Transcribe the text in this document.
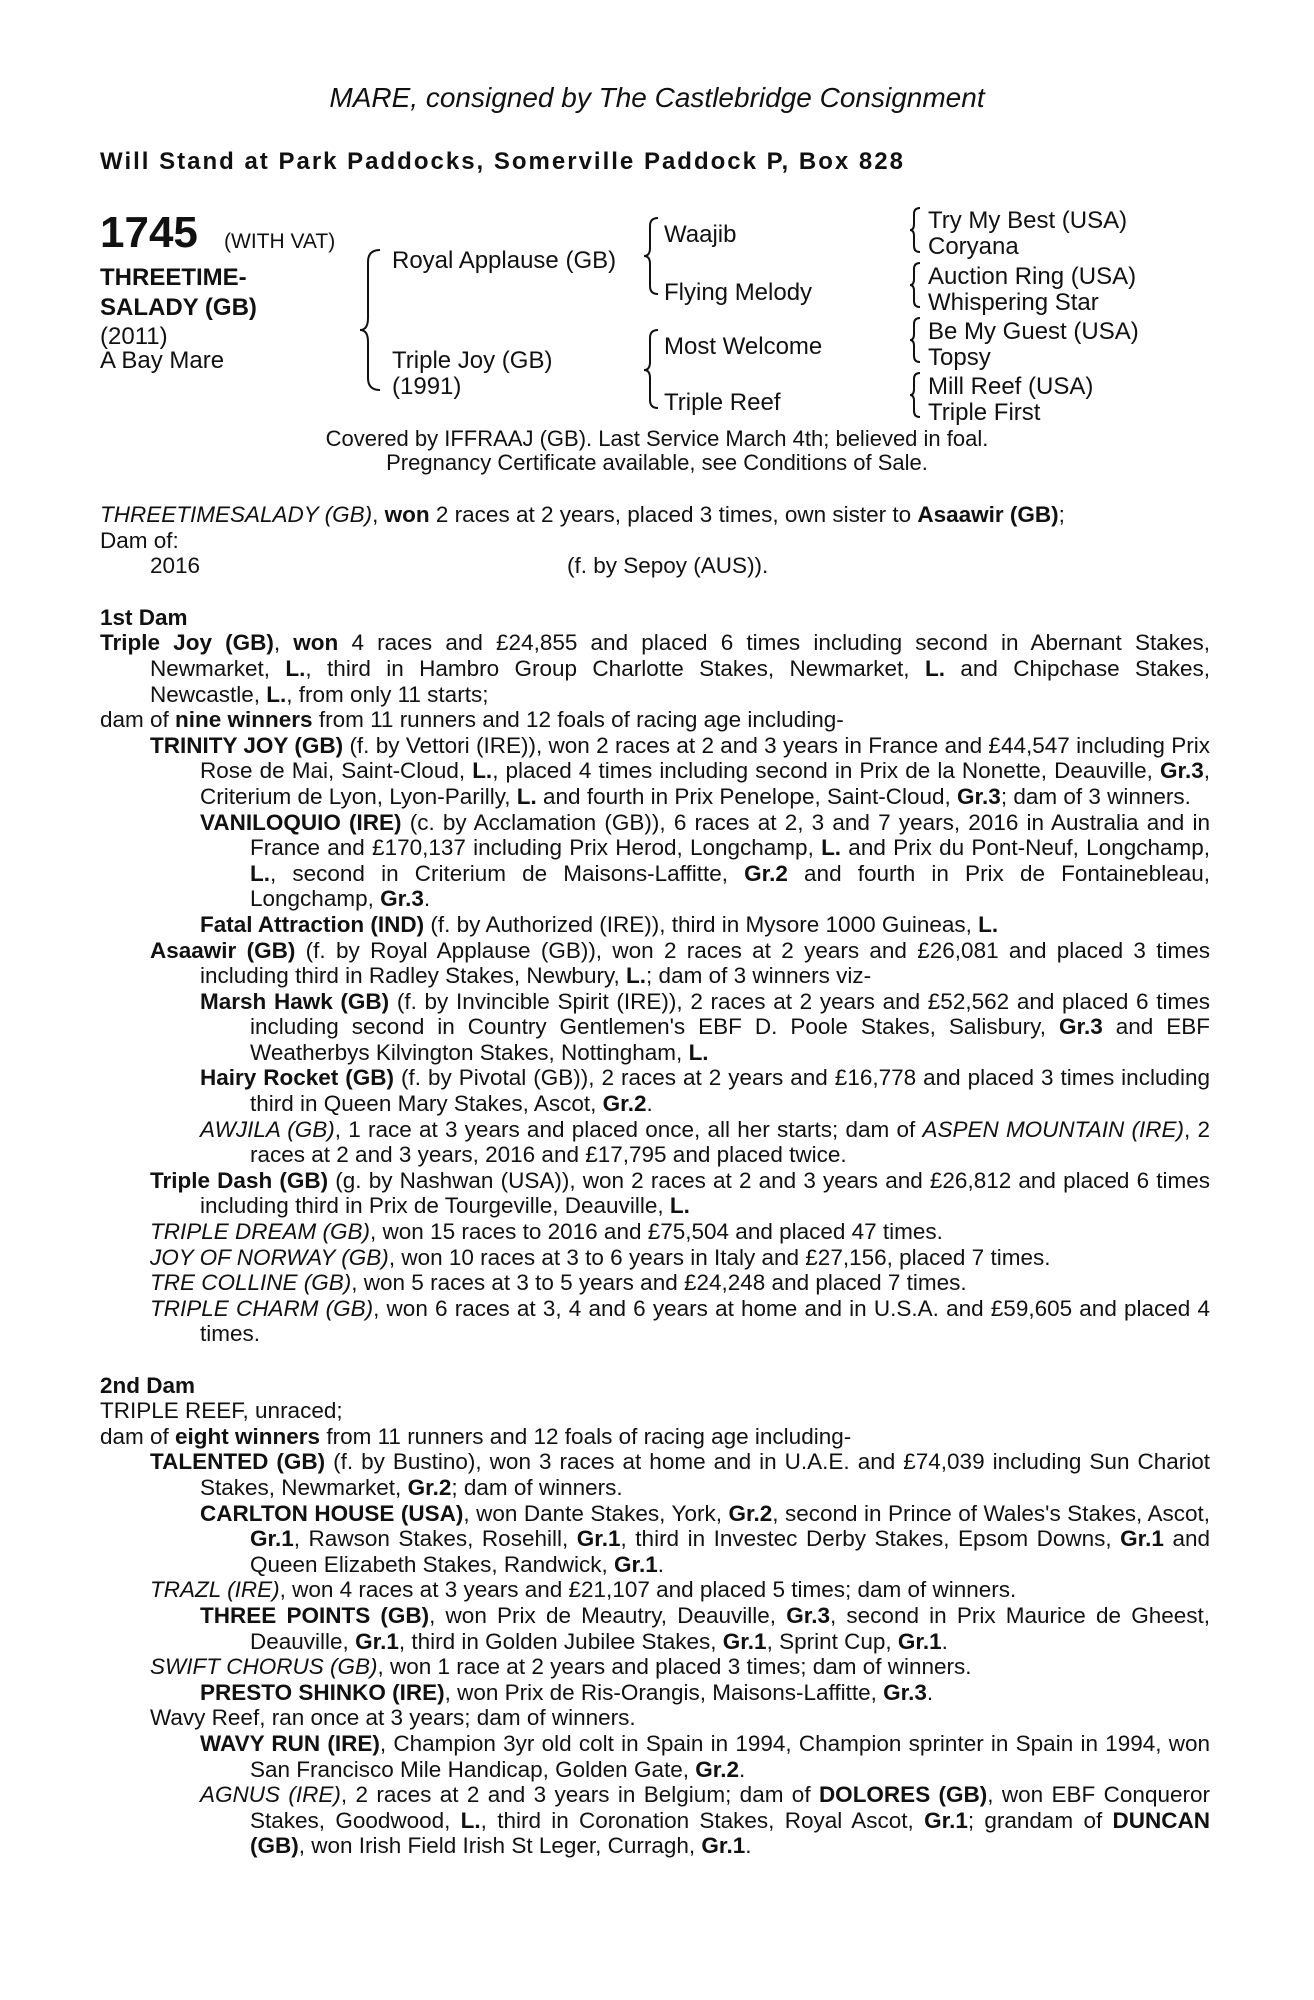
MARE, consigned by The Castlebridge Consignment
Will Stand at Park Paddocks, Somerville Paddock P, Box 828
1745 (WITH VAT)
THREETIME-
SALADY (GB)
(2011)
A Bay Mare
Royal Applause (GB)
Triple Joy (GB)
(1991)
Waajib
Flying Melody
Most Welcome
Triple Reef
Try My Best (USA)
Coryana
Auction Ring (USA)
Whispering Star
Be My Guest (USA)
Topsy
Mill Reef (USA)
Triple First
Covered by IFFRAAJ (GB). Last Service March 4th; believed in foal.
Pregnancy Certificate available, see Conditions of Sale.

THREETIMESALADY (GB), won 2 races at 2 years, placed 3 times, own sister to Asaawir (GB);

Dam of:

2016	(f. by Sepoy (AUS)).

1st Dam

Triple Joy (GB), won 4 races and £24,855 and placed 6 times including second in Abernant Stakes, Newmarket, L., third in Hambro Group Charlotte Stakes, Newmarket, L. and Chipchase Stakes, Newcastle, L., from only 11 starts;

dam of nine winners from 11 runners and 12 foals of racing age including-

TRINITY JOY (GB) (f. by Vettori (IRE)), won 2 races at 2 and 3 years in France and £44,547 including Prix Rose de Mai, Saint-Cloud, L., placed 4 times including second in Prix de la Nonette, Deauville, Gr.3, Criterium de Lyon, Lyon-Parilly, L. and fourth in Prix Penelope, Saint-Cloud, Gr.3; dam of 3 winners.

VANILOQUIO (IRE) (c. by Acclamation (GB)), 6 races at 2, 3 and 7 years, 2016 in Australia and in France and £170,137 including Prix Herod, Longchamp, L. and Prix du Pont-Neuf, Longchamp, L., second in Criterium de Maisons-Laffitte, Gr.2 and fourth in Prix de Fontainebleau, Longchamp, Gr.3.

Fatal Attraction (IND) (f. by Authorized (IRE)), third in Mysore 1000 Guineas, L.

Asaawir (GB) (f. by Royal Applause (GB)), won 2 races at 2 years and £26,081 and placed 3 times including third in Radley Stakes, Newbury, L.; dam of 3 winners viz-

Marsh Hawk (GB) (f. by Invincible Spirit (IRE)), 2 races at 2 years and £52,562 and placed 6 times including second in Country Gentlemen's EBF D. Poole Stakes, Salisbury, Gr.3 and EBF Weatherbys Kilvington Stakes, Nottingham, L.

Hairy Rocket (GB) (f. by Pivotal (GB)), 2 races at 2 years and £16,778 and placed 3 times including third in Queen Mary Stakes, Ascot, Gr.2.

AWJILA (GB), 1 race at 3 years and placed once, all her starts; dam of ASPEN MOUNTAIN (IRE), 2 races at 2 and 3 years, 2016 and £17,795 and placed twice.

Triple Dash (GB) (g. by Nashwan (USA)), won 2 races at 2 and 3 years and £26,812 and placed 6 times including third in Prix de Tourgeville, Deauville, L.

TRIPLE DREAM (GB), won 15 races to 2016 and £75,504 and placed 47 times.

JOY OF NORWAY (GB), won 10 races at 3 to 6 years in Italy and £27,156, placed 7 times.

TRE COLLINE (GB), won 5 races at 3 to 5 years and £24,248 and placed 7 times.

TRIPLE CHARM (GB), won 6 races at 3, 4 and 6 years at home and in U.S.A. and £59,605 and placed 4 times.

2nd Dam

TRIPLE REEF, unraced;

dam of eight winners from 11 runners and 12 foals of racing age including-

TALENTED (GB) (f. by Bustino), won 3 races at home and in U.A.E. and £74,039 including Sun Chariot Stakes, Newmarket, Gr.2; dam of winners.

CARLTON HOUSE (USA), won Dante Stakes, York, Gr.2, second in Prince of Wales's Stakes, Ascot, Gr.1, Rawson Stakes, Rosehill, Gr.1, third in Investec Derby Stakes, Epsom Downs, Gr.1 and Queen Elizabeth Stakes, Randwick, Gr.1.

TRAZL (IRE), won 4 races at 3 years and £21,107 and placed 5 times; dam of winners.

THREE POINTS (GB), won Prix de Meautry, Deauville, Gr.3, second in Prix Maurice de Gheest, Deauville, Gr.1, third in Golden Jubilee Stakes, Gr.1, Sprint Cup, Gr.1.

SWIFT CHORUS (GB), won 1 race at 2 years and placed 3 times; dam of winners.

PRESTO SHINKO (IRE), won Prix de Ris-Orangis, Maisons-Laffitte, Gr.3.

Wavy Reef, ran once at 3 years; dam of winners.

WAVY RUN (IRE), Champion 3yr old colt in Spain in 1994, Champion sprinter in Spain in 1994, won San Francisco Mile Handicap, Golden Gate, Gr.2.

AGNUS (IRE), 2 races at 2 and 3 years in Belgium; dam of DOLORES (GB), won EBF Conqueror Stakes, Goodwood, L., third in Coronation Stakes, Royal Ascot, Gr.1; grandam of DUNCAN (GB), won Irish Field Irish St Leger, Curragh, Gr.1.
